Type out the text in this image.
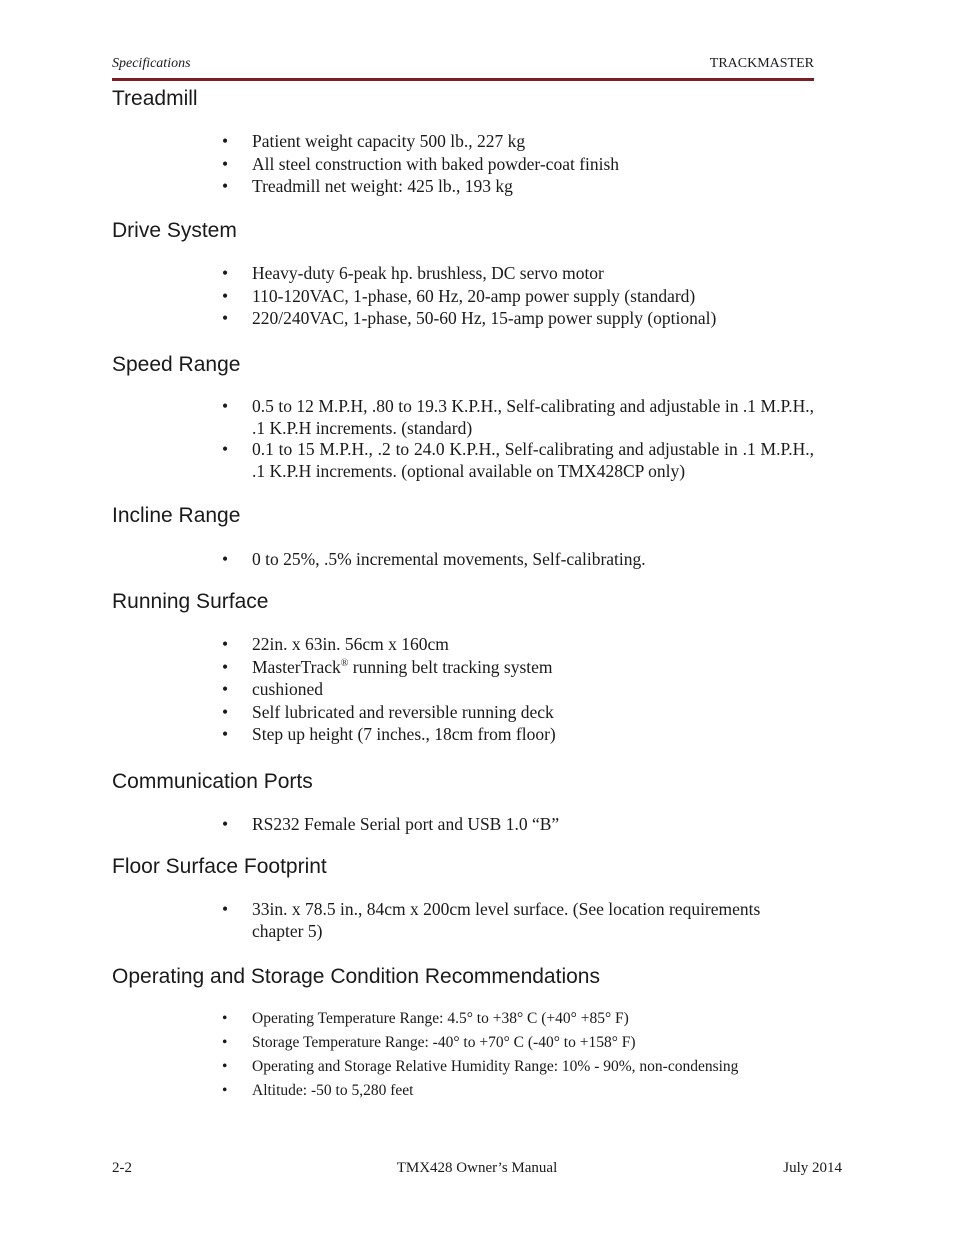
Specifications	TRACKMASTER
Treadmill
• Patient weight capacity 500 lb., 227 kg
• All steel construction with baked powder-coat finish
• Treadmill net weight: 425 lb., 193 kg
Drive System
• Heavy-duty 6-peak hp. brushless, DC servo motor
• 110-120VAC, 1-phase, 60 Hz, 20-amp power supply (standard)
• 220/240VAC, 1-phase, 50-60 Hz, 15-amp power supply (optional)
Speed Range
• 0.5 to 12 M.P.H, .80 to 19.3 K.P.H., Self-calibrating and adjustable in .1 M.P.H., .1 K.P.H increments. (standard)
• 0.1 to 15 M.P.H., .2 to 24.0 K.P.H., Self-calibrating and adjustable in .1 M.P.H., .1 K.P.H increments. (optional available on TMX428CP only)
Incline Range
• 0 to 25%, .5% incremental movements, Self-calibrating.
Running Surface
• 22in. x 63in. 56cm x 160cm
• MasterTrack® running belt tracking system
• cushioned
• Self lubricated and reversible running deck
• Step up height (7 inches., 18cm from floor)
Communication Ports
• RS232 Female Serial port and USB 1.0 “B”
Floor Surface Footprint
• 33in. x 78.5 in., 84cm x 200cm level surface. (See location requirements chapter 5)
Operating and Storage Condition Recommendations
• Operating Temperature Range: 4.5° to +38° C (+40° +85° F)
• Storage Temperature Range: -40° to +70° C (-40° to +158° F)
• Operating and Storage Relative Humidity Range: 10% - 90%, non-condensing
• Altitude: -50 to 5,280 feet
2-2	TMX428 Owner’s Manual	July 2014
